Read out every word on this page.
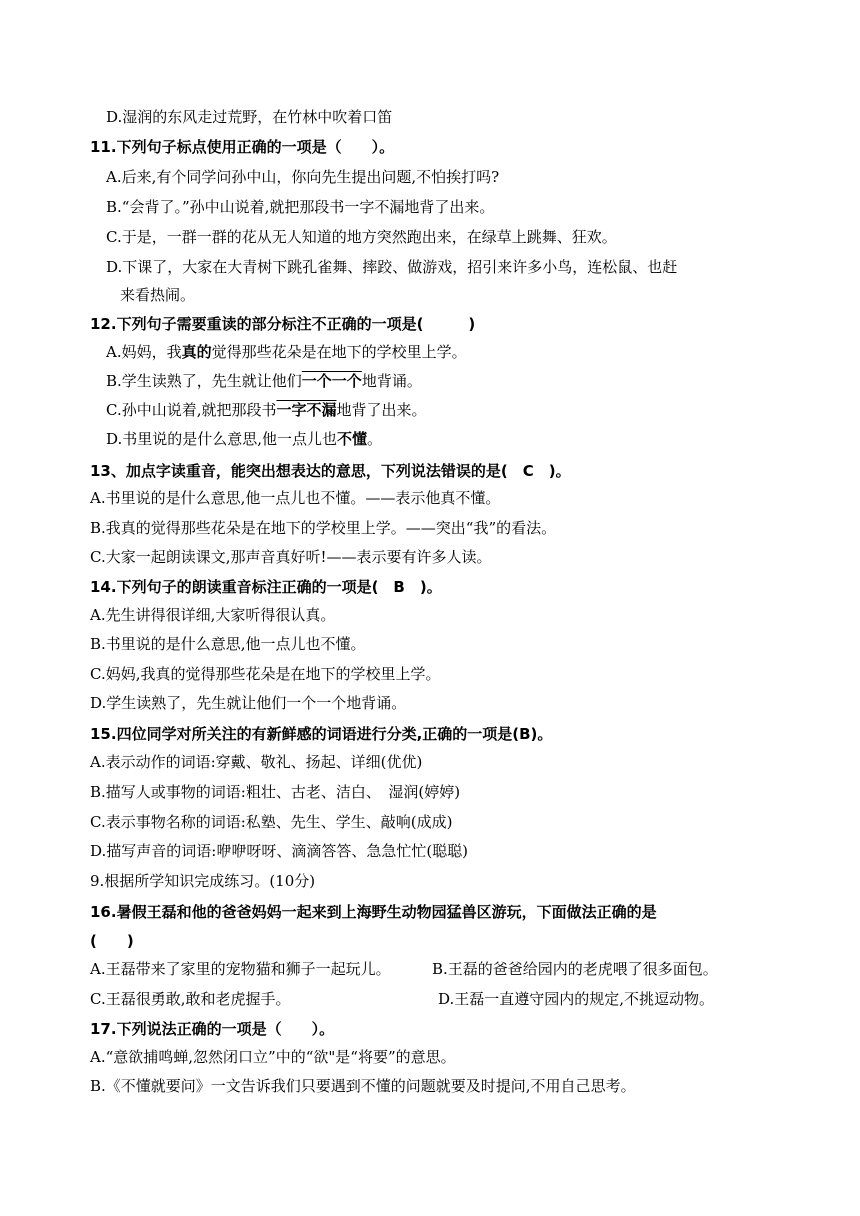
D.湿润的东风走过荒野，在竹林中吹着口笛
11.下列句子标点使用正确的一项是（　　）。
A.后来,有个同学问孙中山，你向先生提出问题,不怕挨打吗?
B.“会背了。”孙中山说着,就把那段书一字不漏地背了出来。
C.于是，一群一群的花从无人知道的地方突然跑出来，在绿草上跳舞、狂欢。
D.下课了，大家在大青树下跳孔雀舞、摔跤、做游戏，招引来许多小鸟，连松鼠、也赶
来看热闹。
12.下列句子需要重读的部分标注不正确的一项是(　　　)
A.妈妈，我真的觉得那些花朵是在地下的学校里上学。
B.学生读熟了，先生就让他们一个一个地背诵。
C.孙中山说着,就把那段书一字不漏地背了出来。
D.书里说的是什么意思,他一点儿也不懂。
13、加点字读重音，能突出想表达的意思，下列说法错误的是(　C　)。
A.书里说的是什么意思,他一点儿也不懂。——表示他真不懂。
B.我真的觉得那些花朵是在地下的学校里上学。——突出“我”的看法。
C.大家一起朗读课文,那声音真好听!——表示要有许多人读。
14.下列句子的朗读重音标注正确的一项是(　B　)。
A.先生讲得很详细,大家听得很认真。
B.书里说的是什么意思,他一点儿也不懂。
C.妈妈,我真的觉得那些花朵是在地下的学校里上学。
D.学生读熟了，先生就让他们一个一个地背诵。
15.四位同学对所关注的有新鲜感的词语进行分类,正确的一项是(B)。
A.表示动作的词语:穿戴、敬礼、扬起、详细(优优)
B.描写人或事物的词语:粗壮、古老、洁白、　湿润(婷婷)
C.表示事物名称的词语:私塾、先生、学生、敲响(成成)
D.描写声音的词语:咿咿呀呀、滴滴答答、急急忙忙(聪聪)
9.根据所学知识完成练习。(10分)
16.暑假王磊和他的爸爸妈妈一起来到上海野生动物园猛兽区游玩，下面做法正确的是
(　　)
A.王磊带来了家里的宠物猫和狮子一起玩儿。	B.王磊的爸爸给园内的老虎喂了很多面包。
C.王磊很勇敢,敢和老虎握手。	D.王磊一直遵守园内的规定,不挑逗动物。
17.下列说法正确的一项是（　　）。
A.“意欲捕鸣蝉,忽然闭口立”中的“欲"是“将要”的意思。
B.《不懂就要问》一文告诉我们只要遇到不懂的问题就要及时提问,不用自己思考。
